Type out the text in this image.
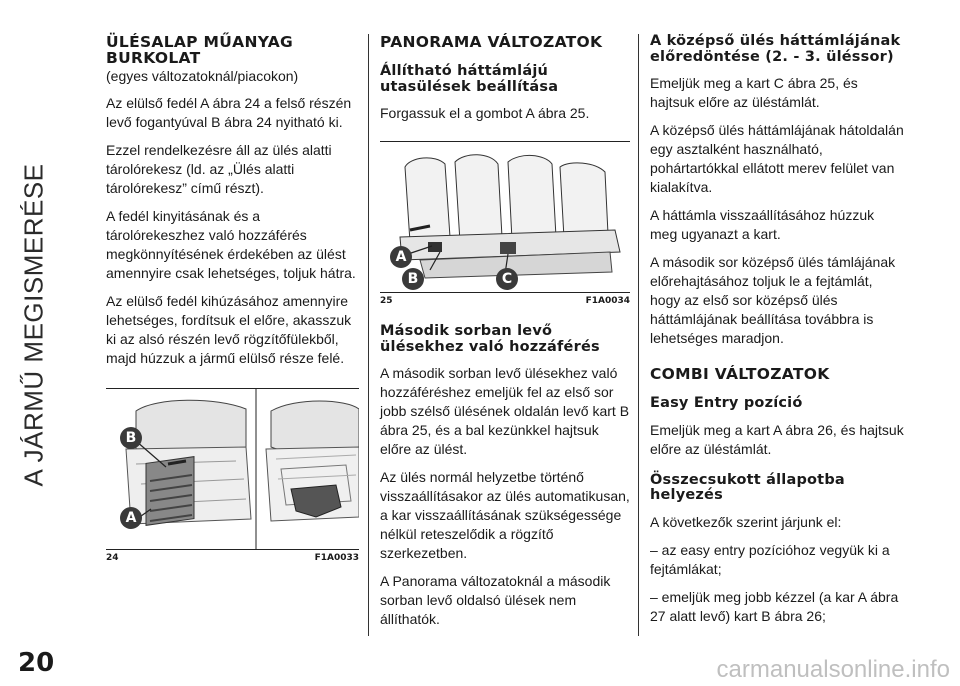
A JÁRMŰ MEGISMERÉSE
ÜLÉSALAP MŰANYAG BURKOLAT
(egyes változatoknál/piacokon)

Az elülső fedél A ábra 24 a felső részén levő fogantyúval B ábra 24 nyitható ki.

Ezzel rendelkezésre áll az ülés alatti tárolórekesz (ld. az „Ülés alatti tárolórekesz” című részt).

A fedél kinyitásának és a tárolórekeszhez való hozzáférés megkönnyítésének érdekében az ülést amennyire csak lehetséges, toljuk hátra.

Az elülső fedél kihúzásához amennyire lehetséges, fordítsuk el előre, akasszuk ki az alsó részén levő rögzítőfülekből, majd húzzuk a jármű elülső része felé.

B
A
24	F1A0033
PANORAMA VÁLTOZATOK
Állítható háttámlájú utasülések beállítása

Forgassuk el a gombot A ábra 25.

A
B	C
25	F1A0034
Második sorban levő ülésekhez való hozzáférés

A második sorban levő ülésekhez való hozzáféréshez emeljük fel az első sor jobb szélső ülésének oldalán levő kart B ábra 25, és a bal kezünkkel hajtsuk előre az ülést.

Az ülés normál helyzetbe történő visszaállításakor az ülés automatikusan, a kar visszaállításának szükségessége nélkül reteszelődik a rögzítő szerkezetben.

A Panorama változatoknál a második sorban levő oldalsó ülések nem állíthatók.

A középső ülés háttámlájának előredöntése (2. - 3. üléssor)

Emeljük meg a kart C ábra 25, és hajtsuk előre az üléstámlát.

A középső ülés háttámlájának hátoldalán egy asztalként használható, pohártartókkal ellátott merev felület van kialakítva.

A háttámla visszaállításához húzzuk meg ugyanazt a kart.

A második sor középső ülés támlájának előrehajtásához toljuk le a fejtámlát, hogy az első sor középső ülés háttámlájának beállítása továbbra is lehetséges maradjon.

COMBI VÁLTOZATOK
Easy Entry pozíció

Emeljük meg a kart A ábra 26, és hajtsuk előre az üléstámlát.

Összecsukott állapotba helyezés

A következők szerint járjunk el:

– az easy entry pozícióhoz vegyük ki a fejtámlákat;

– emeljük meg jobb kézzel (a kar A ábra 27 alatt levő) kart B ábra 26;

20	carmanualsonline.info
